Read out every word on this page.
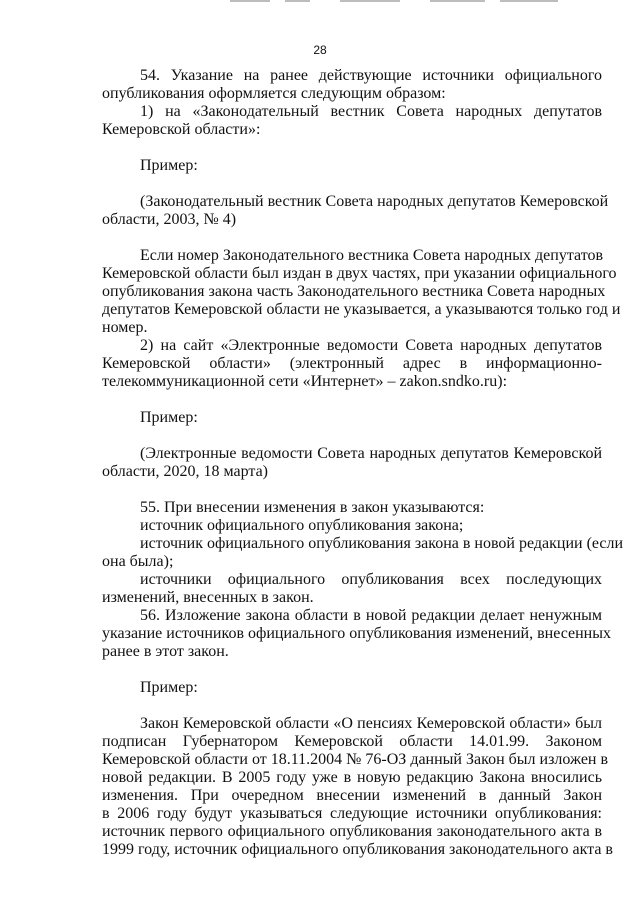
28
54. Указание на ранее действующие источники официального
опубликования оформляется следующим образом:
1) на «Законодательный вестник Совета народных депутатов
Кемеровской области»:
Пример:
(Законодательный вестник Совета народных депутатов Кемеровской
области, 2003, № 4)
Если номер Законодательного вестника Совета народных депутатов
Кемеровской области был издан в двух частях, при указании официального
опубликования закона часть Законодательного вестника Совета народных
депутатов Кемеровской области не указывается, а указываются только год и
номер.
2) на сайт «Электронные ведомости Совета народных депутатов
Кемеровской области» (электронный адрес в информационно-
телекоммуникационной сети «Интернет» – zakon.sndko.ru):
Пример:
(Электронные ведомости Совета народных депутатов Кемеровской
области, 2020, 18 марта)
55. При внесении изменения в закон указываются:
источник официального опубликования закона;
источник официального опубликования закона в новой редакции (если
она была);
источники официального опубликования всех последующих
изменений, внесенных в закон.
56. Изложение закона области в новой редакции делает ненужным
указание источников официального опубликования изменений, внесенных
ранее в этот закон.
Пример:
Закон Кемеровской области «О пенсиях Кемеровской области» был
подписан Губернатором Кемеровской области 14.01.99. Законом
Кемеровской области от 18.11.2004 № 76-ОЗ данный Закон был изложен в
новой редакции. В 2005 году уже в новую редакцию Закона вносились
изменения. При очередном внесении изменений в данный Закон
в 2006 году будут указываться следующие источники опубликования:
источник первого официального опубликования законодательного акта в
1999 году, источник официального опубликования законодательного акта в
